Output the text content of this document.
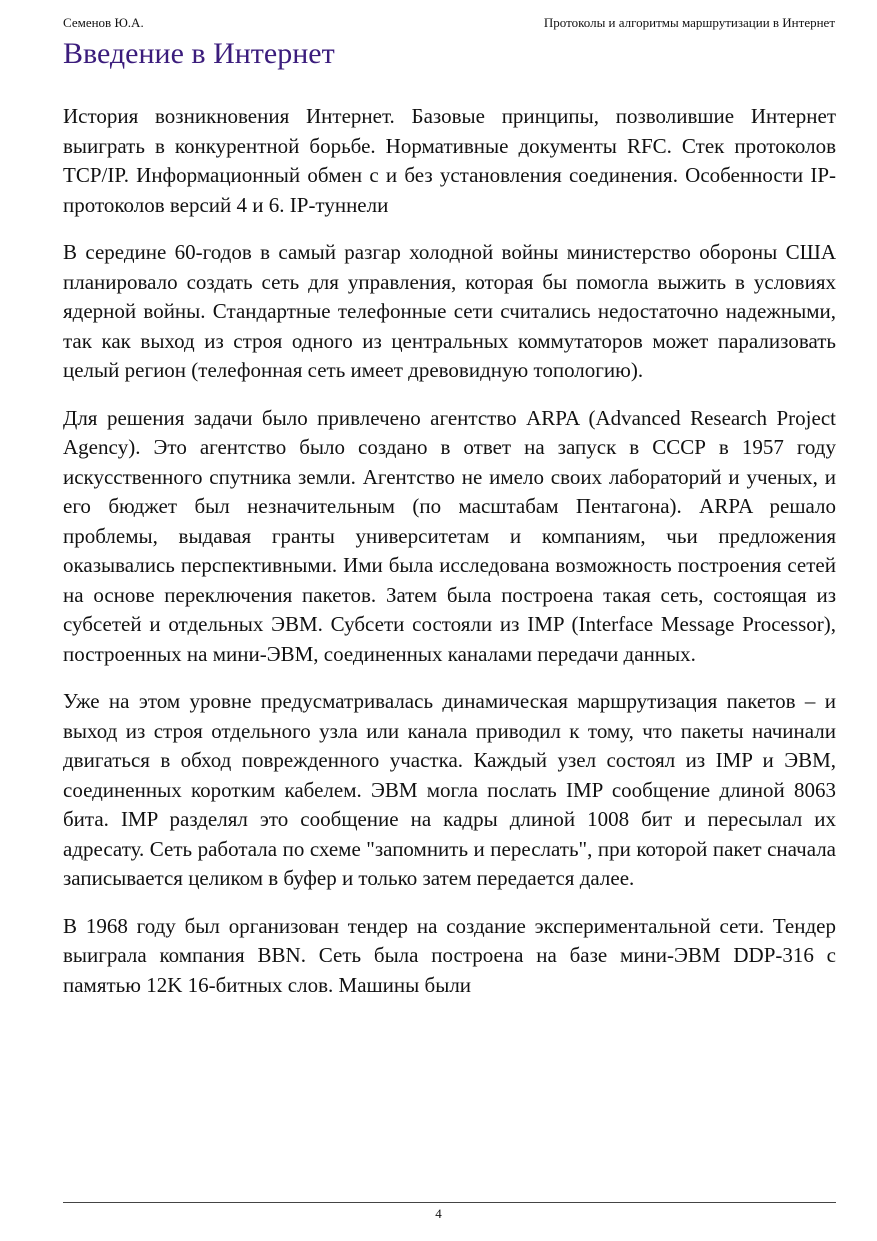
Семенов Ю.А.	Протоколы и алгоритмы маршрутизации в Интернет
Введение в Интернет

История возникновения Интернет. Базовые принципы, позволившие Интернет выиграть в конкурентной борьбе. Нормативные документы RFC. Стек протоколов TCP/IP. Информационный обмен с и без установления соединения. Особенности IP-протоколов версий 4 и 6. IP-туннели

В середине 60-годов в самый разгар холодной войны министерство обороны США планировало создать сеть для управления, которая бы помогла выжить в условиях ядерной войны. Стандартные телефонные сети считались недостаточно надежными, так как выход из строя одного из центральных коммутаторов может парализовать целый регион (телефонная сеть имеет древовидную топологию).

Для решения задачи было привлечено агентство ARPA (Advanced Research Project Agency). Это агентство было создано в ответ на запуск в СССР в 1957 году искусственного спутника земли. Агентство не имело своих лабораторий и ученых, и его бюджет был незначительным (по масштабам Пентагона). ARPA решало проблемы, выдавая гранты университетам и компаниям, чьи предложения оказывались перспективными. Ими была исследована возможность построения сетей на основе переключения пакетов. Затем была построена такая сеть, состоящая из субсетей и отдельных ЭВМ. Субсети состояли из IMP (Interface Message Processor), построенных на мини-ЭВМ, соединенных каналами передачи данных.

Уже на этом уровне предусматривалась динамическая маршрутизация пакетов – и выход из строя отдельного узла или канала приводил к тому, что пакеты начинали двигаться в обход поврежденного участка. Каждый узел состоял из IMP и ЭВМ, соединенных коротким кабелем. ЭВМ могла послать IMP сообщение длиной 8063 бита. IMP разделял это сообщение на кадры длиной 1008 бит и пересылал их адресату. Сеть работала по схеме "запомнить и переслать", при которой пакет сначала записывается целиком в буфер и только затем передается далее.

В 1968 году был организован тендер на создание экспериментальной сети. Тендер выиграла компания BBN. Сеть была построена на базе мини-ЭВМ DDP-316 с памятью 12K 16-битных слов. Машины были

4
